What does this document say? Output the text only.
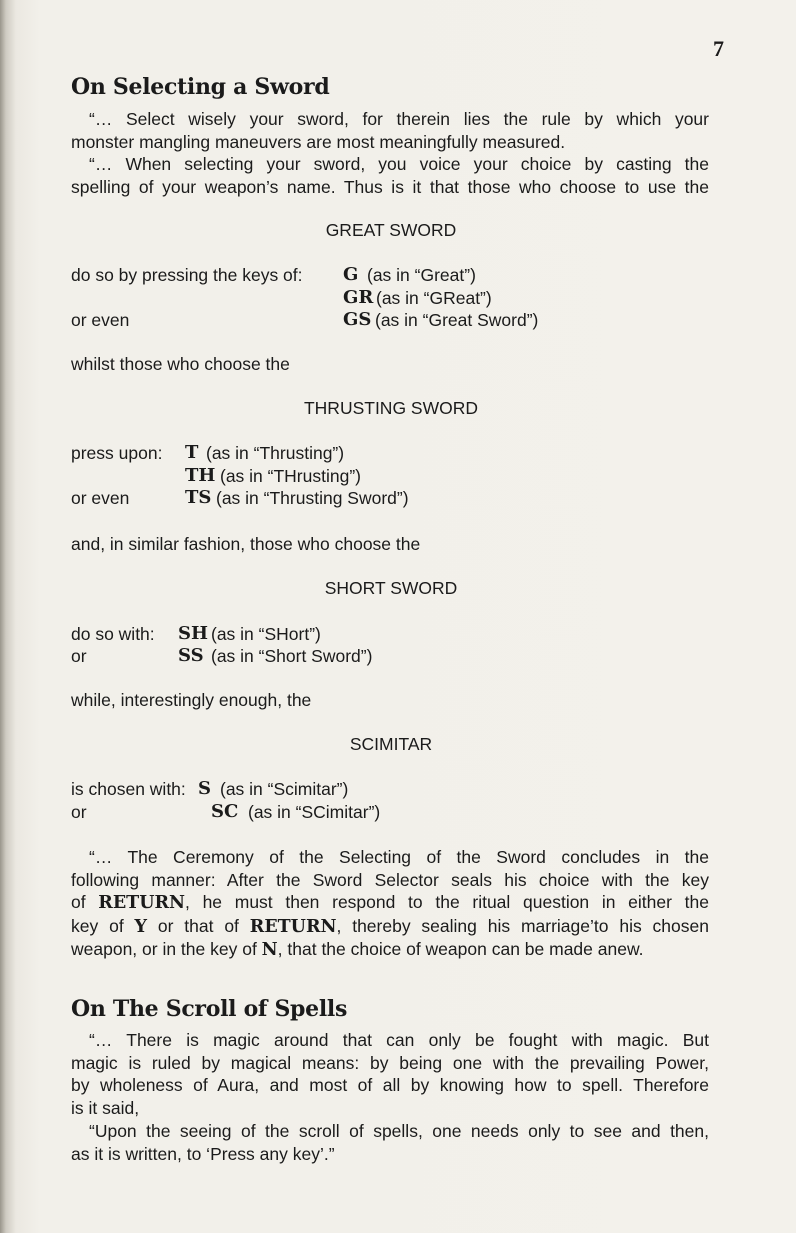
7
On Selecting a Sword
“… Select wisely your sword, for therein lies the rule by which your
monster mangling maneuvers are most meaningfully measured.
“… When selecting your sword, you voice your choice by casting the
spelling of your weapon’s name. Thus is it that those who choose to use the
GREAT SWORD
do so by pressing the keys of: G (as in “Great”)
GR (as in “GReat”)
or even	GS (as in “Great Sword”)
whilst those who choose the
THRUSTING SWORD
press upon: T (as in “Thrusting”)
TH (as in “THrusting”)
or even	TS (as in “Thrusting Sword”)
and, in similar fashion, those who choose the
SHORT SWORD
do so with: SH (as in “SHort”)
or	SS (as in “Short Sword”)
while, interestingly enough, the
SCIMITAR
is chosen with: S (as in “Scimitar”)
or	SC (as in “SCimitar”)
“… The Ceremony of the Selecting of the Sword concludes in the
following manner: After the Sword Selector seals his choice with the key
of RETURN, he must then respond to the ritual question in either the
key of Y or that of RETURN, thereby sealing his marriage’to his chosen
weapon, or in the key of N, that the choice of weapon can be made anew.
On The Scroll of Spells
“… There is magic around that can only be fought with magic. But
magic is ruled by magical means: by being one with the prevailing Power,
by wholeness of Aura, and most of all by knowing how to spell. Therefore
is it said,
“Upon the seeing of the scroll of spells, one needs only to see and then,
as it is written, to ‘Press any key’.”
